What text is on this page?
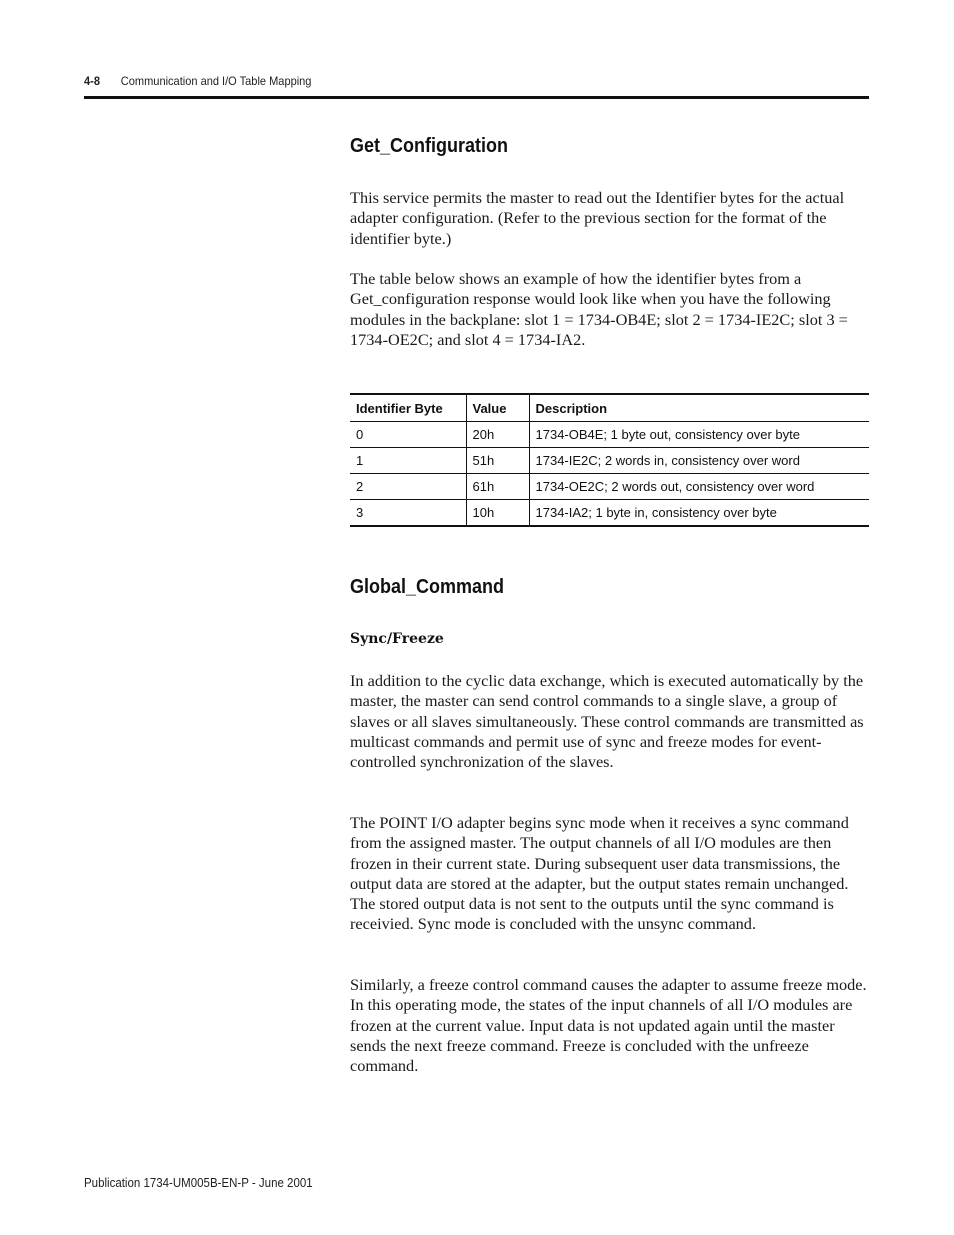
4-8 Communication and I/O Table Mapping
Get_Configuration
This service permits the master to read out the Identifier bytes for the actual adapter configuration. (Refer to the previous section for the format of the identifier byte.)
The table below shows an example of how the identifier bytes from a Get_configuration response would look like when you have the following modules in the backplane: slot 1 = 1734-OB4E; slot 2 = 1734-IE2C; slot 3 = 1734-OE2C; and slot 4 = 1734-IA2.
Identifier Byte	Value	Description
0	20h	1734-OB4E; 1 byte out, consistency over byte
1	51h	1734-IE2C; 2 words in, consistency over word
2	61h	1734-OE2C; 2 words out, consistency over word
3	10h	1734-IA2; 1 byte in, consistency over byte
Global_Command
Sync/Freeze
In addition to the cyclic data exchange, which is executed automatically by the master, the master can send control commands to a single slave, a group of slaves or all slaves simultaneously. These control commands are transmitted as multicast commands and permit use of sync and freeze modes for event-controlled synchronization of the slaves.
The POINT I/O adapter begins sync mode when it receives a sync command from the assigned master. The output channels of all I/O modules are then frozen in their current state. During subsequent user data transmissions, the output data are stored at the adapter, but the output states remain unchanged. The stored output data is not sent to the outputs until the sync command is receivied. Sync mode is concluded with the unsync command.
Similarly, a freeze control command causes the adapter to assume freeze mode. In this operating mode, the states of the input channels of all I/O modules are frozen at the current value. Input data is not updated again until the master sends the next freeze command. Freeze is concluded with the unfreeze command.
Publication 1734-UM005B-EN-P - June 2001
